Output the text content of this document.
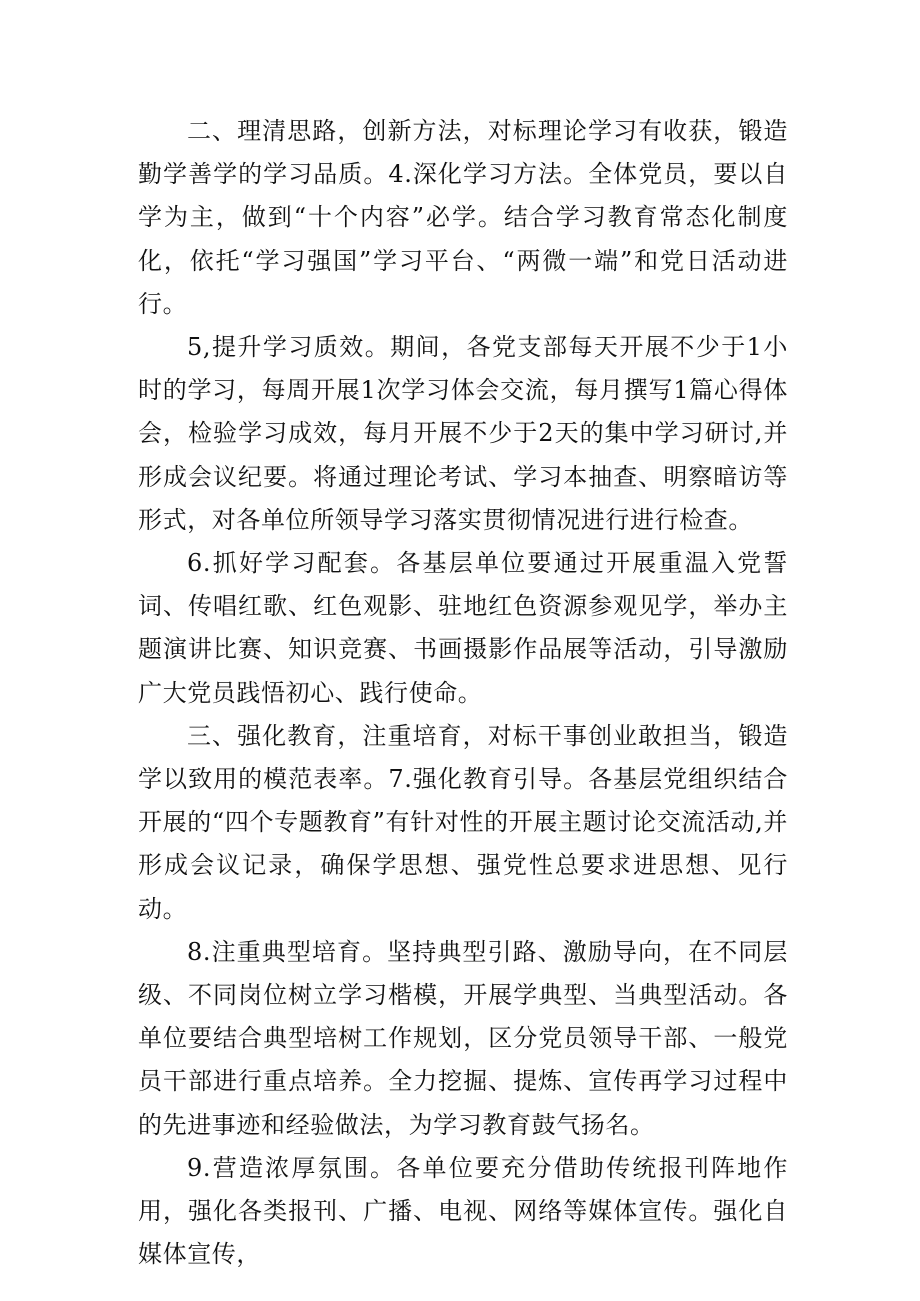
二、理清思路，创新方法，对标理论学习有收获，锻造勤学善学的学习品质。4.深化学习方法。全体党员，要以自学为主，做到“十个内容”必学。结合学习教育常态化制度化，依托“学习强国”学习平台、“两微一端”和党日活动进行。

5,提升学习质效。期间，各党支部每天开展不少于1小时的学习，每周开展1次学习体会交流，每月撰写1篇心得体会，检验学习成效，每月开展不少于2天的集中学习研讨,并形成会议纪要。将通过理论考试、学习本抽查、明察暗访等形式，对各单位所领导学习落实贯彻情况进行进行检查。

6.抓好学习配套。各基层单位要通过开展重温入党誓词、传唱红歌、红色观影、驻地红色资源参观见学，举办主题演讲比赛、知识竞赛、书画摄影作品展等活动，引导激励广大党员践悟初心、践行使命。

三、强化教育，注重培育，对标干事创业敢担当，锻造学以致用的模范表率。7.强化教育引导。各基层党组织结合开展的“四个专题教育”有针对性的开展主题讨论交流活动,并形成会议记录，确保学思想、强党性总要求进思想、见行动。

8.注重典型培育。坚持典型引路、激励导向，在不同层级、不同岗位树立学习楷模，开展学典型、当典型活动。各单位要结合典型培树工作规划，区分党员领导干部、一般党员干部进行重点培养。全力挖掘、提炼、宣传再学习过程中的先进事迹和经验做法，为学习教育鼓气扬名。

9.营造浓厚氛围。各单位要充分借助传统报刊阵地作用，强化各类报刊、广播、电视、网络等媒体宣传。强化自媒体宣传，
